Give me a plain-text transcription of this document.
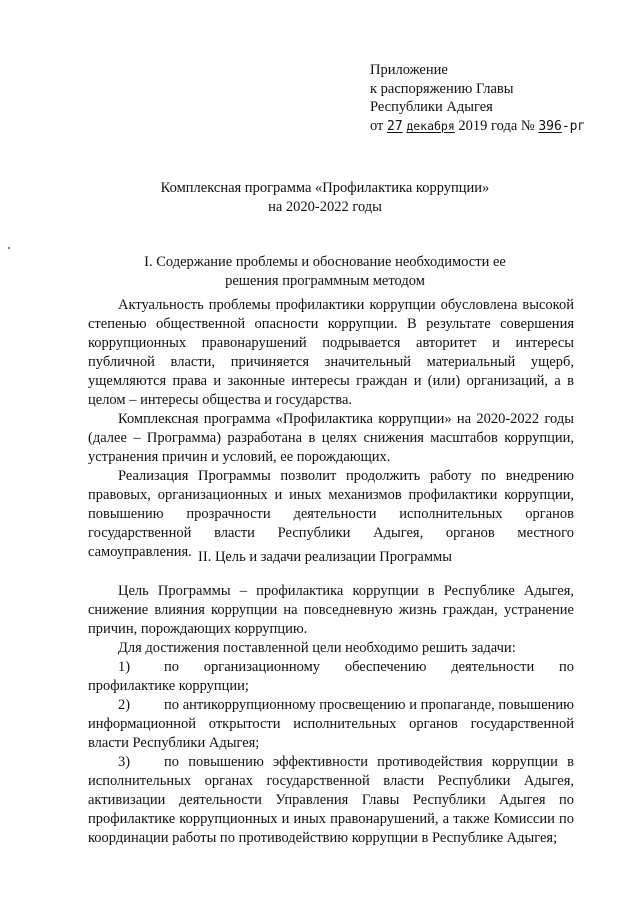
Приложение
к распоряжению Главы
Республики Адыгея
от 27 декабря 2019 года № 396-рг
Комплексная программа «Профилактика коррупции»
на 2020-2022 годы
I. Содержание проблемы и обоснование необходимости ее
решения программным методом

Актуальность проблемы профилактики коррупции обусловлена высокой степенью общественной опасности коррупции. В результате совершения коррупционных правонарушений подрывается авторитет и интересы публичной власти, причиняется значительный материальный ущерб, ущемляются права и законные интересы граждан и (или) организаций, а в целом – интересы общества и государства.

Комплексная программа «Профилактика коррупции» на 2020-2022 годы (далее – Программа) разработана в целях снижения масштабов коррупции, устранения причин и условий, ее порождающих.

Реализация Программы позволит продолжить работу по внедрению правовых, организационных и иных механизмов профилактики коррупции, повышению прозрачности деятельности исполнительных органов государственной власти Республики Адыгея, органов местного самоуправления. II. Цель и задачи реализации Программы

Цель Программы – профилактика коррупции в Республике Адыгея, снижение влияния коррупции на повседневную жизнь граждан, устранение причин, порождающих коррупцию.

Для достижения поставленной цели необходимо решить задачи:

1) по организационному обеспечению деятельности по профилактике коррупции;

2) по антикоррупционному просвещению и пропаганде, повышению информационной открытости исполнительных органов государственной власти Республики Адыгея;

3) по повышению эффективности противодействия коррупции в исполнительных органах государственной власти Республики Адыгея, активизации деятельности Управления Главы Республики Адыгея по профилактике коррупционных и иных правонарушений, а также Комиссии по координации работы по противодействию коррупции в Республике Адыгея;
